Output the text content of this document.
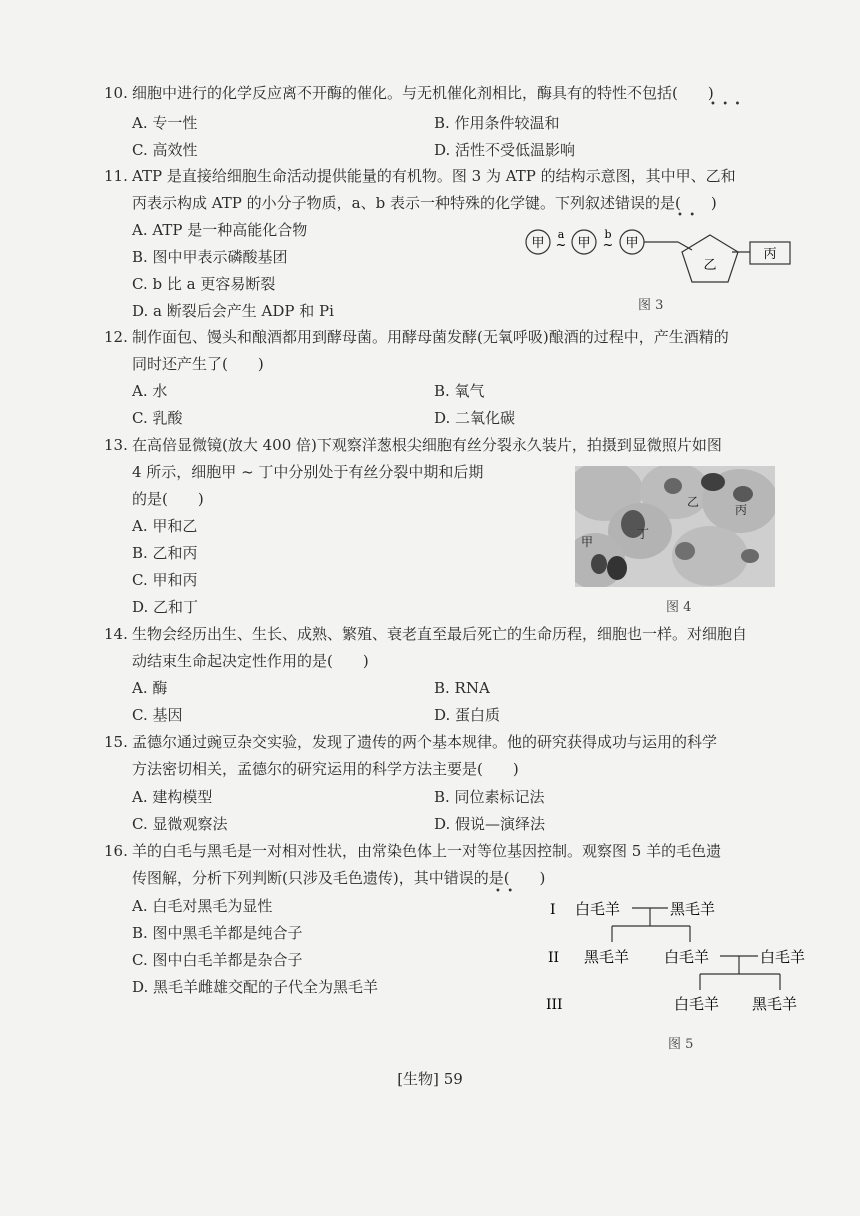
10. 细胞中进行的化学反应离不开酶的催化。与无机催化剂相比，酶具有的特性不包括(　　)
•  •  •
A. 专一性	B. 作用条件较温和
C. 高效性	D. 活性不受低温影响
11. ATP 是直接给细胞生命活动提供能量的有机物。图 3 为 ATP 的结构示意图，其中甲、乙和
丙表示构成 ATP 的小分子物质，a、b 表示一种特殊的化学键。下列叙述错误的是(　　)
•  •
A. ATP 是一种高能化合物
B. 图中甲表示磷酸基团
C. b 比 a 更容易断裂
D. a 断裂后会产生 ADP 和 Pi
甲
a
~ 甲
b
~ 甲
乙
丙
图 3
12. 制作面包、馒头和酿酒都用到酵母菌。用酵母菌发酵(无氧呼吸)酿酒的过程中，产生酒精的
同时还产生了(　　)
A. 水	B. 氧气
C. 乳酸	D. 二氧化碳
13. 在高倍显微镜(放大 400 倍)下观察洋葱根尖细胞有丝分裂永久装片，拍摄到显微照片如图
4 所示，细胞甲 ~ 丁中分别处于有丝分裂中期和后期
的是(　　)
A. 甲和乙
B. 乙和丙
C. 甲和丙
D. 乙和丁
乙
丙
丁
甲
图 4
14. 生物会经历出生、生长、成熟、繁殖、衰老直至最后死亡的生命历程，细胞也一样。对细胞自
动结束生命起决定性作用的是(　　)
A. 酶	B. RNA
C. 基因	D. 蛋白质
15. 孟德尔通过豌豆杂交实验，发现了遗传的两个基本规律。他的研究获得成功与运用的科学
方法密切相关，孟德尔的研究运用的科学方法主要是(　　)
A. 建构模型	B. 同位素标记法
C. 显微观察法	D. 假说—演绎法
16. 羊的白毛与黑毛是一对相对性状，由常染色体上一对等位基因控制。观察图 5 羊的毛色遗
传图解，分析下列判断(只涉及毛色遗传)，其中错误的是(　　)
•  •
A. 白毛对黑毛为显性
B. 图中黑毛羊都是纯合子
C. 图中白毛羊都是杂合子
D. 黑毛羊雌雄交配的子代全为黑毛羊
I
II
III
白毛羊	黑毛羊
黑毛羊 白毛羊	白毛羊
白毛羊 黑毛羊
图 5
[生物] 59
